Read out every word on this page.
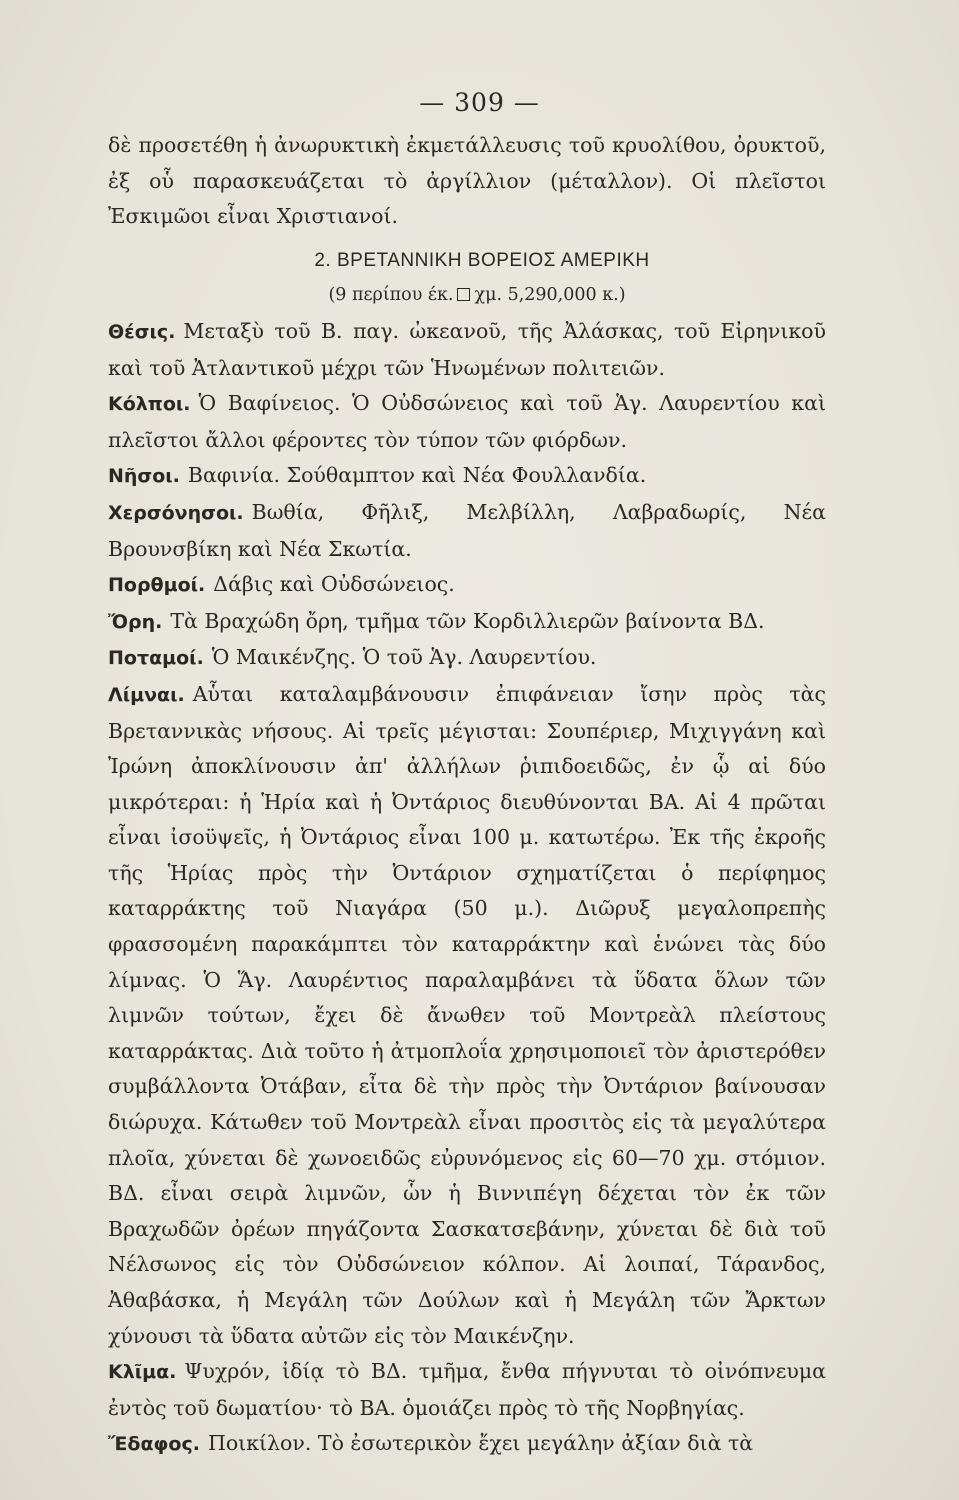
— 309 —

δὲ προσετέθη ἡ ἀνωρυκτικὴ ἐκμετάλλευσις τοῦ κρυολίθου, ὀρυκτοῦ, ἐξ οὗ παρασκευάζεται τὸ ἀργίλλιον (μέταλλον). Οἱ πλεῖστοι Ἐσκιμῶοι εἶναι Χριστιανοί.

2. ΒΡΕΤΑΝΝΙΚΗ ΒΟΡΕΙΟΣ ΑΜΕΡΙΚΗ

(9 περίπου έκ. χμ. 5,290,000 κ.)

Θέσις. Μεταξὺ τοῦ Β. παγ. ὠκεανοῦ, τῆς Ἀλάσκας, τοῦ Εἰρηνικοῦ καὶ τοῦ Ἀτλαντικοῦ μέχρι τῶν Ἡνωμένων πολιτειῶν.

Κόλποι. Ὁ Βαφίνειος. Ὁ Οὐδσώνειος καὶ τοῦ Ἁγ. Λαυρεντίου καὶ πλεῖστοι ἄλλοι φέροντες τὸν τύπον τῶν φιόρδων.

Νῆσοι. Βαφινία. Σούθαμπτον καὶ Νέα Φουλλανδία.

Χερσόνησοι. Βωθία, Φῆλιξ, Μελβίλλη, Λαβραδωρίς, Νέα Βρουνσβίκη καὶ Νέα Σκωτία.

Πορθμοί. Δάβις καὶ Οὐδσώνειος.

Ὄρη. Τὰ Βραχώδη ὄρη, τμῆμα τῶν Κορδιλλιερῶν βαίνοντα ΒΔ.

Ποταμοί. Ὁ Μαικένζης. Ὁ τοῦ Ἁγ. Λαυρεντίου.

Λίμναι. Αὗται καταλαμβάνουσιν ἐπιφάνειαν ἴσην πρὸς τὰς Βρεταννικὰς νήσους. Αἱ τρεῖς μέγισται: Σουπέριερ, Μιχιγγάνη καὶ Ἰρώνη ἀποκλίνουσιν ἀπ' ἀλλήλων ῥιπιδοειδῶς, ἐν ᾧ αἱ δύο μικρότεραι: ἡ Ἡρία καὶ ἡ Ὀντάριος διευθύνονται ΒΑ. Αἱ 4 πρῶται εἶναι ἰσοϋψεῖς, ἡ Ὀντάριος εἶναι 100 μ. κατωτέρω. Ἐκ τῆς ἐκροῆς τῆς Ἡρίας πρὸς τὴν Ὀντάριον σχηματίζεται ὁ περίφημος καταρράκτης τοῦ Νιαγάρα (50 μ.). Διῶρυξ μεγαλοπρεπὴς φρασσομένη παρακάμπτει τὸν καταρράκτην καὶ ἑνώνει τὰς δύο λίμνας. Ὁ Ἅγ. Λαυρέντιος παραλαμβάνει τὰ ὕδατα ὅλων τῶν λιμνῶν τούτων, ἔχει δὲ ἄνωθεν τοῦ Μοντρεὰλ πλείστους καταρράκτας. Διὰ τοῦτο ἡ ἀτμοπλοΐα χρησιμοποιεῖ τὸν ἀριστερόθεν συμβάλλοντα Ὀτάβαν, εἶτα δὲ τὴν πρὸς τὴν Ὀντάριον βαίνουσαν διώρυχα. Κάτωθεν τοῦ Μοντρεὰλ εἶναι προσιτὸς εἰς τὰ μεγαλύτερα πλοῖα, χύνεται δὲ χωνοειδῶς εὐρυνόμενος εἰς 60—70 χμ. στόμιον. ΒΔ. εἶναι σειρὰ λιμνῶν, ὧν ἡ Βιννιπέγη δέχεται τὸν ἐκ τῶν Βραχωδῶν ὀρέων πηγάζοντα Σασκατσεβάνην, χύνεται δὲ διὰ τοῦ Νέλσωνος εἰς τὸν Οὐδσώνειον κόλπον. Αἱ λοιπαί, Τάρανδος, Ἀθαβάσκα, ἡ Μεγάλη τῶν Δούλων καὶ ἡ Μεγάλη τῶν Ἄρκτων χύνουσι τὰ ὕδατα αὐτῶν εἰς τὸν Μαικένζην.

Κλῖμα. Ψυχρόν, ἰδίᾳ τὸ ΒΔ. τμῆμα, ἔνθα πήγνυται τὸ οἰνόπνευμα ἐντὸς τοῦ δωματίου· τὸ ΒΑ. ὁμοιάζει πρὸς τὸ τῆς Νορβηγίας.

Ἔδαφος. Ποικίλον. Τὸ ἐσωτερικὸν ἔχει μεγάλην ἀξίαν διὰ τὰ
